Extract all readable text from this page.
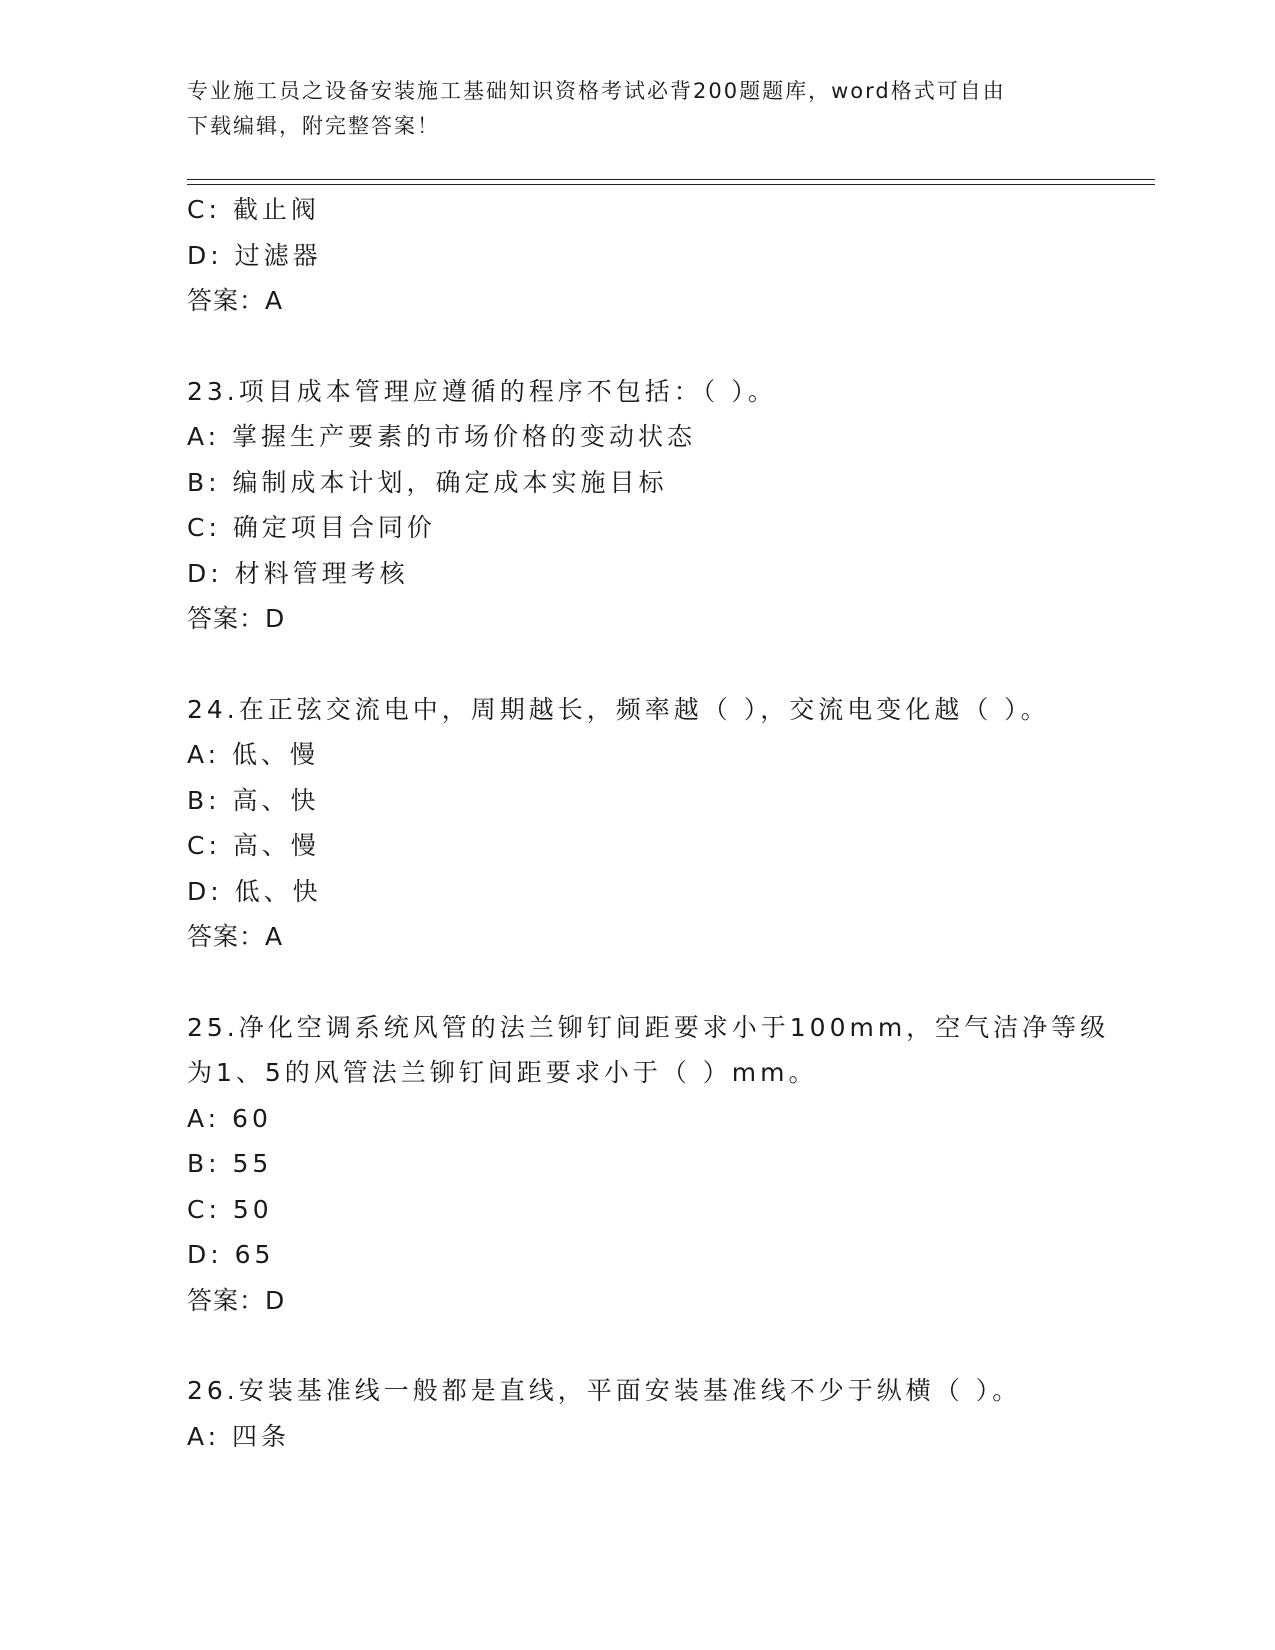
专业施工员之设备安装施工基础知识资格考试必背200题题库，word格式可自由
下载编辑，附完整答案！
C: 截止阀
D: 过滤器
答案：A
23.项目成本管理应遵循的程序不包括：（ ）。
A: 掌握生产要素的市场价格的变动状态
B: 编制成本计划，确定成本实施目标
C: 确定项目合同价
D: 材料管理考核
答案：D
24.在正弦交流电中，周期越长，频率越（ ），交流电变化越（ ）。
A: 低、慢
B: 高、快
C: 高、慢
D: 低、快
答案：A
25.净化空调系统风管的法兰铆钉间距要求小于100mm，空气洁净等级
为1、5的风管法兰铆钉间距要求小于（ ）mm。
A: 60
B: 55
C: 50
D: 65
答案：D
26.安装基准线一般都是直线，平面安装基准线不少于纵横（ ）。
A: 四条
